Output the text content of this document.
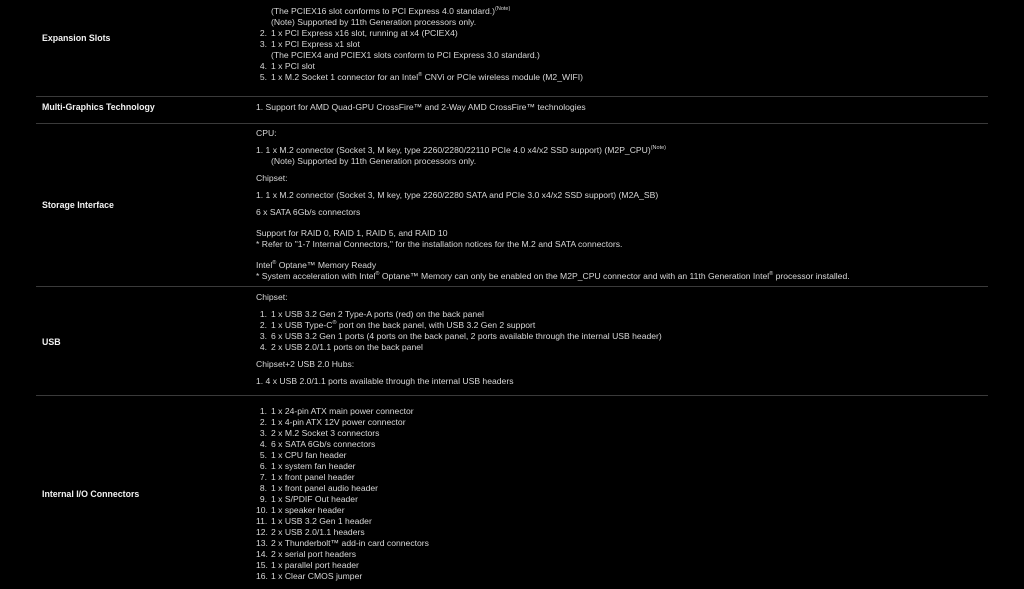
Expansion Slots
(The PCIEX16 slot conforms to PCI Express 4.0 standard.)$^{(Note)}$
(Note) Supported by 11th Generation processors only.
2. 1 x PCI Express x16 slot, running at x4 (PCIEX4)
3. 1 x PCI Express x1 slot
(The PCIEX4 and PCIEX1 slots conform to PCI Express 3.0 standard.)
4. 1 x PCI slot
5. 1 x M.2 Socket 1 connector for an Intel® CNVi or PCIe wireless module (M2_WIFI)
Multi-Graphics Technology	1. Support for AMD Quad-GPU CrossFire™ and 2-Way AMD CrossFire™ technologies
Storage Interface
CPU:
1. 1 x M.2 connector (Socket 3, M key, type 2260/2280/22110 PCIe 4.0 x4/x2 SSD support) (M2P_CPU)$^{(Note)}$
(Note) Supported by 11th Generation processors only.
Chipset:
1. 1 x M.2 connector (Socket 3, M key, type 2260/2280 SATA and PCIe 3.0 x4/x2 SSD support) (M2A_SB)
6 x SATA 6Gb/s connectors
Support for RAID 0, RAID 1, RAID 5, and RAID 10
* Refer to "1-7 Internal Connectors," for the installation notices for the M.2 and SATA connectors.
Intel® Optane™ Memory Ready
* System acceleration with Intel® Optane™ Memory can only be enabled on the M2P_CPU connector and with an 11th Generation Intel® processor installed.
USB
Chipset:
1. 1 x USB 3.2 Gen 2 Type-A ports (red) on the back panel
2. 1 x USB Type-C® port on the back panel, with USB 3.2 Gen 2 support
3. 6 x USB 3.2 Gen 1 ports (4 ports on the back panel, 2 ports available through the internal USB header)
4. 2 x USB 2.0/1.1 ports on the back panel
Chipset+2 USB 2.0 Hubs:
1. 4 x USB 2.0/1.1 ports available through the internal USB headers
Internal I/O Connectors
1. 1 x 24-pin ATX main power connector
2. 1 x 4-pin ATX 12V power connector
3. 2 x M.2 Socket 3 connectors
4. 6 x SATA 6Gb/s connectors
5. 1 x CPU fan header
6. 1 x system fan header
7. 1 x front panel header
8. 1 x front panel audio header
9. 1 x S/PDIF Out header
10. 1 x speaker header
11. 1 x USB 3.2 Gen 1 header
12. 2 x USB 2.0/1.1 headers
13. 2 x Thunderbolt™ add-in card connectors
14. 2 x serial port headers
15. 1 x parallel port header
16. 1 x Clear CMOS jumper
